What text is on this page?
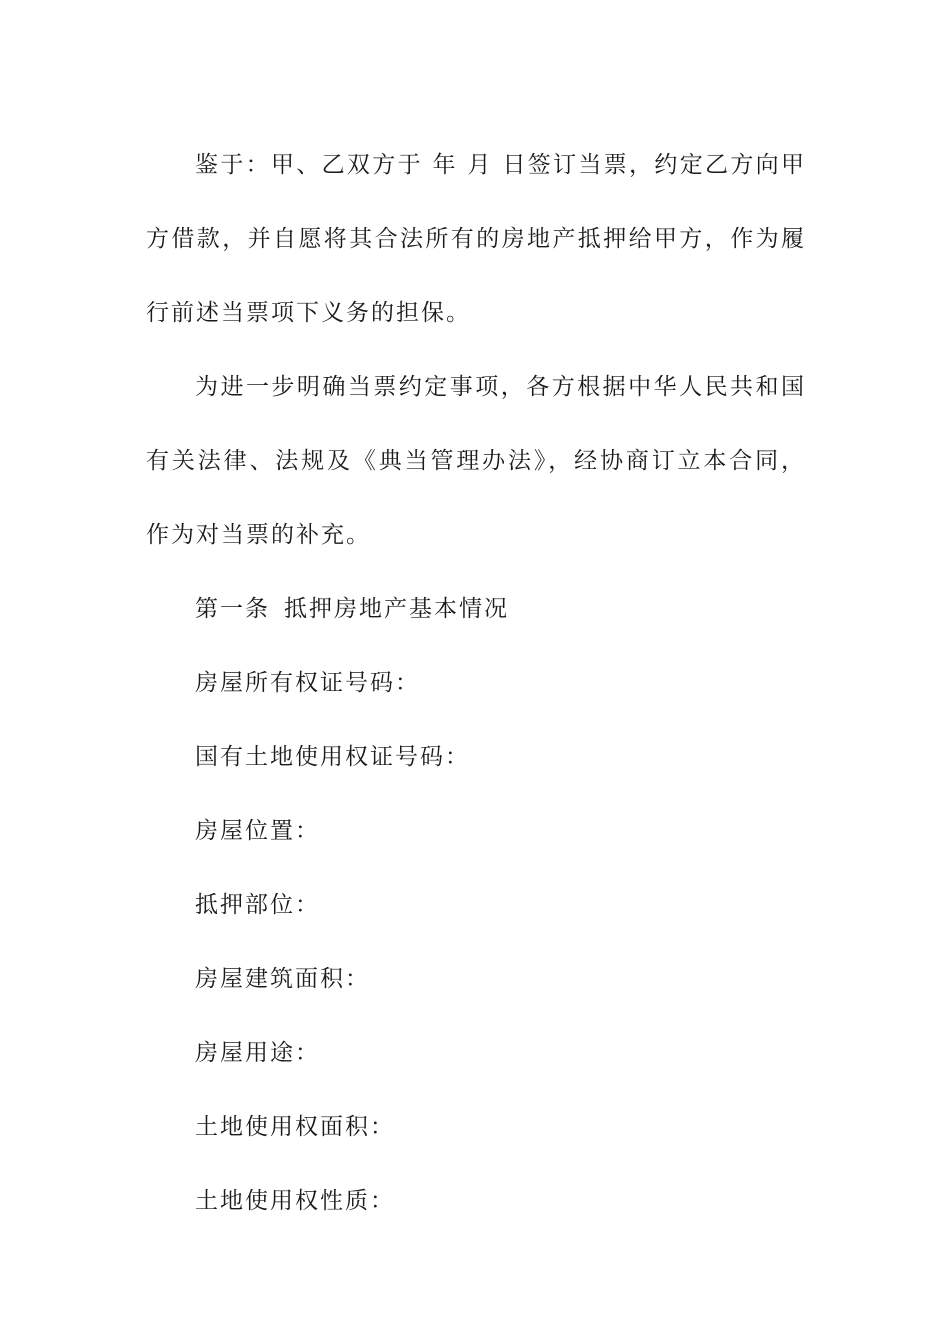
鉴于：甲、乙双方于 年 月 日签订当票，约定乙方向甲方借款，并自愿将其合法所有的房地产抵押给甲方，作为履行前述当票项下义务的担保。

为进一步明确当票约定事项，各方根据中华人民共和国有关法律、法规及《典当管理办法》，经协商订立本合同，作为对当票的补充。

第一条 抵押房地产基本情况

房屋所有权证号码：

国有土地使用权证号码：

房屋位置：

抵押部位：

房屋建筑面积：

房屋用途：

土地使用权面积：

土地使用权性质：
